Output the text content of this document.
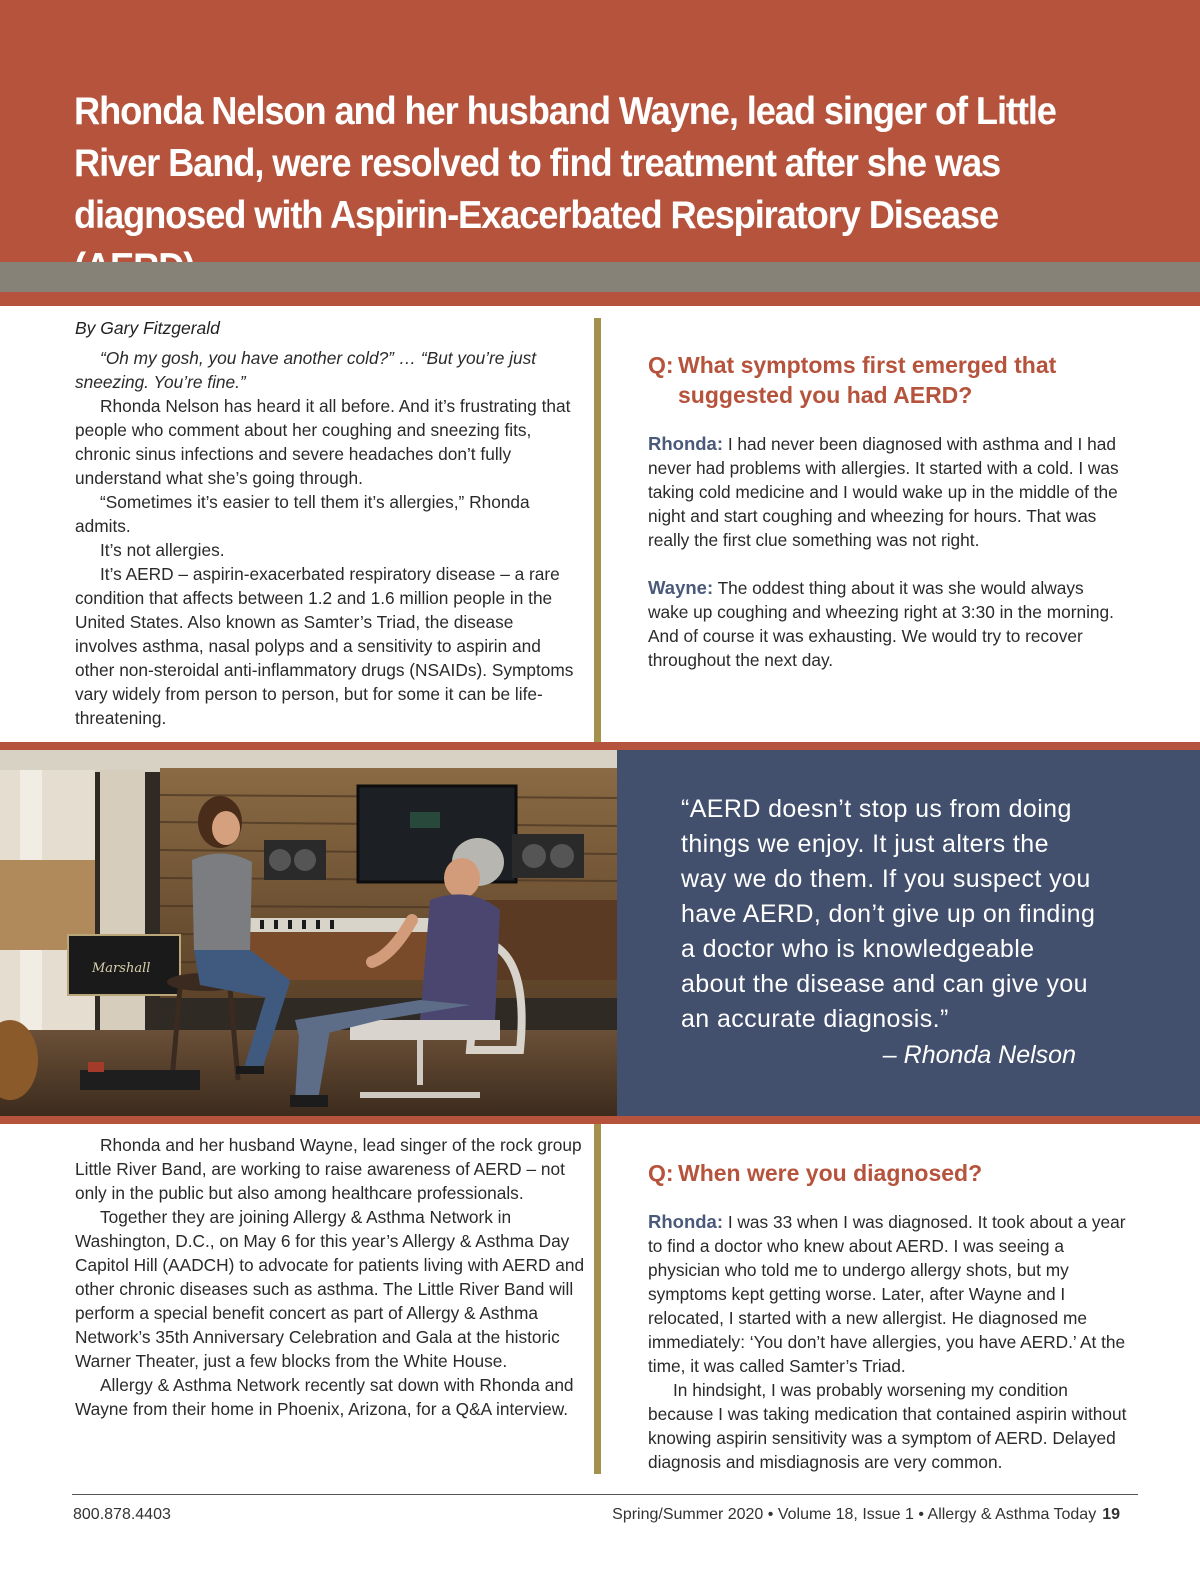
Rhonda Nelson and her husband Wayne, lead singer of Little River Band, were resolved to find treatment after she was diagnosed with Aspirin-Exacerbated Respiratory Disease
By Gary Fitzgerald

“Oh my gosh, you have another cold?” … “But you’re just sneezing. You’re fine.”

Rhonda Nelson has heard it all before. And it’s frustrating that people who comment about her coughing and sneezing fits, chronic sinus infections and severe headaches don’t fully understand what she’s going through.

“Sometimes it’s easier to tell them it’s allergies,” Rhonda admits.

It’s not allergies.

It’s AERD – aspirin-exacerbated respiratory disease – a rare condition that affects between 1.2 and 1.6 million people in the United States. Also known as Samter’s Triad, the disease involves asthma, nasal polyps and a sensitivity to aspirin and other non-steroidal anti-inflammatory drugs (NSAIDs). Symptoms vary widely from person to person, but for some it can be life-threatening.

Q: What symptoms first emerged that
suggested you had AERD?

Rhonda: I had never been diagnosed with asthma and I had never had problems with allergies. It started with a cold. I was taking cold medicine and I would wake up in the middle of the night and start coughing and wheezing for hours. That was really the first clue something was not right.

Wayne: The oddest thing about it was she would always wake up coughing and wheezing right at 3:30 in the morning. And of course it was exhausting. We would try to recover throughout the next day.

Marshall

“AERD doesn’t stop us from doing things we enjoy. It just alters the way we do them. If you suspect you have AERD, don’t give up on finding a doctor who is knowledgeable about the disease and can give you an accurate diagnosis.”

– Rhonda Nelson

Rhonda and her husband Wayne, lead singer of the rock group Little River Band, are working to raise awareness of AERD – not only in the public but also among healthcare professionals.

Together they are joining Allergy & Asthma Network in Washington, D.C., on May 6 for this year’s Allergy & Asthma Day Capitol Hill (AADCH) to advocate for patients living with AERD and other chronic diseases such as asthma. The Little River Band will perform a special benefit concert as part of Allergy & Asthma Network’s 35th Anniversary Celebration and Gala at the historic Warner Theater, just a few blocks from the White House.

Allergy & Asthma Network recently sat down with Rhonda and Wayne from their home in Phoenix, Arizona, for a Q&A interview.

Q: When were you diagnosed?

Rhonda: I was 33 when I was diagnosed. It took about a year to find a doctor who knew about AERD. I was seeing a physician who told me to undergo allergy shots, but my symptoms kept getting worse. Later, after Wayne and I relocated, I started with a new allergist. He diagnosed me immediately: ‘You don’t have allergies, you have AERD.’ At the time, it was called Samter’s Triad.

In hindsight, I was probably worsening my condition because I was taking medication that contained aspirin without knowing aspirin sensitivity was a symptom of AERD. Delayed diagnosis and misdiagnosis are very common.

800.878.4403	Spring/Summer 2020 • Volume 18, Issue 1 • Allergy & Asthma Today 19
